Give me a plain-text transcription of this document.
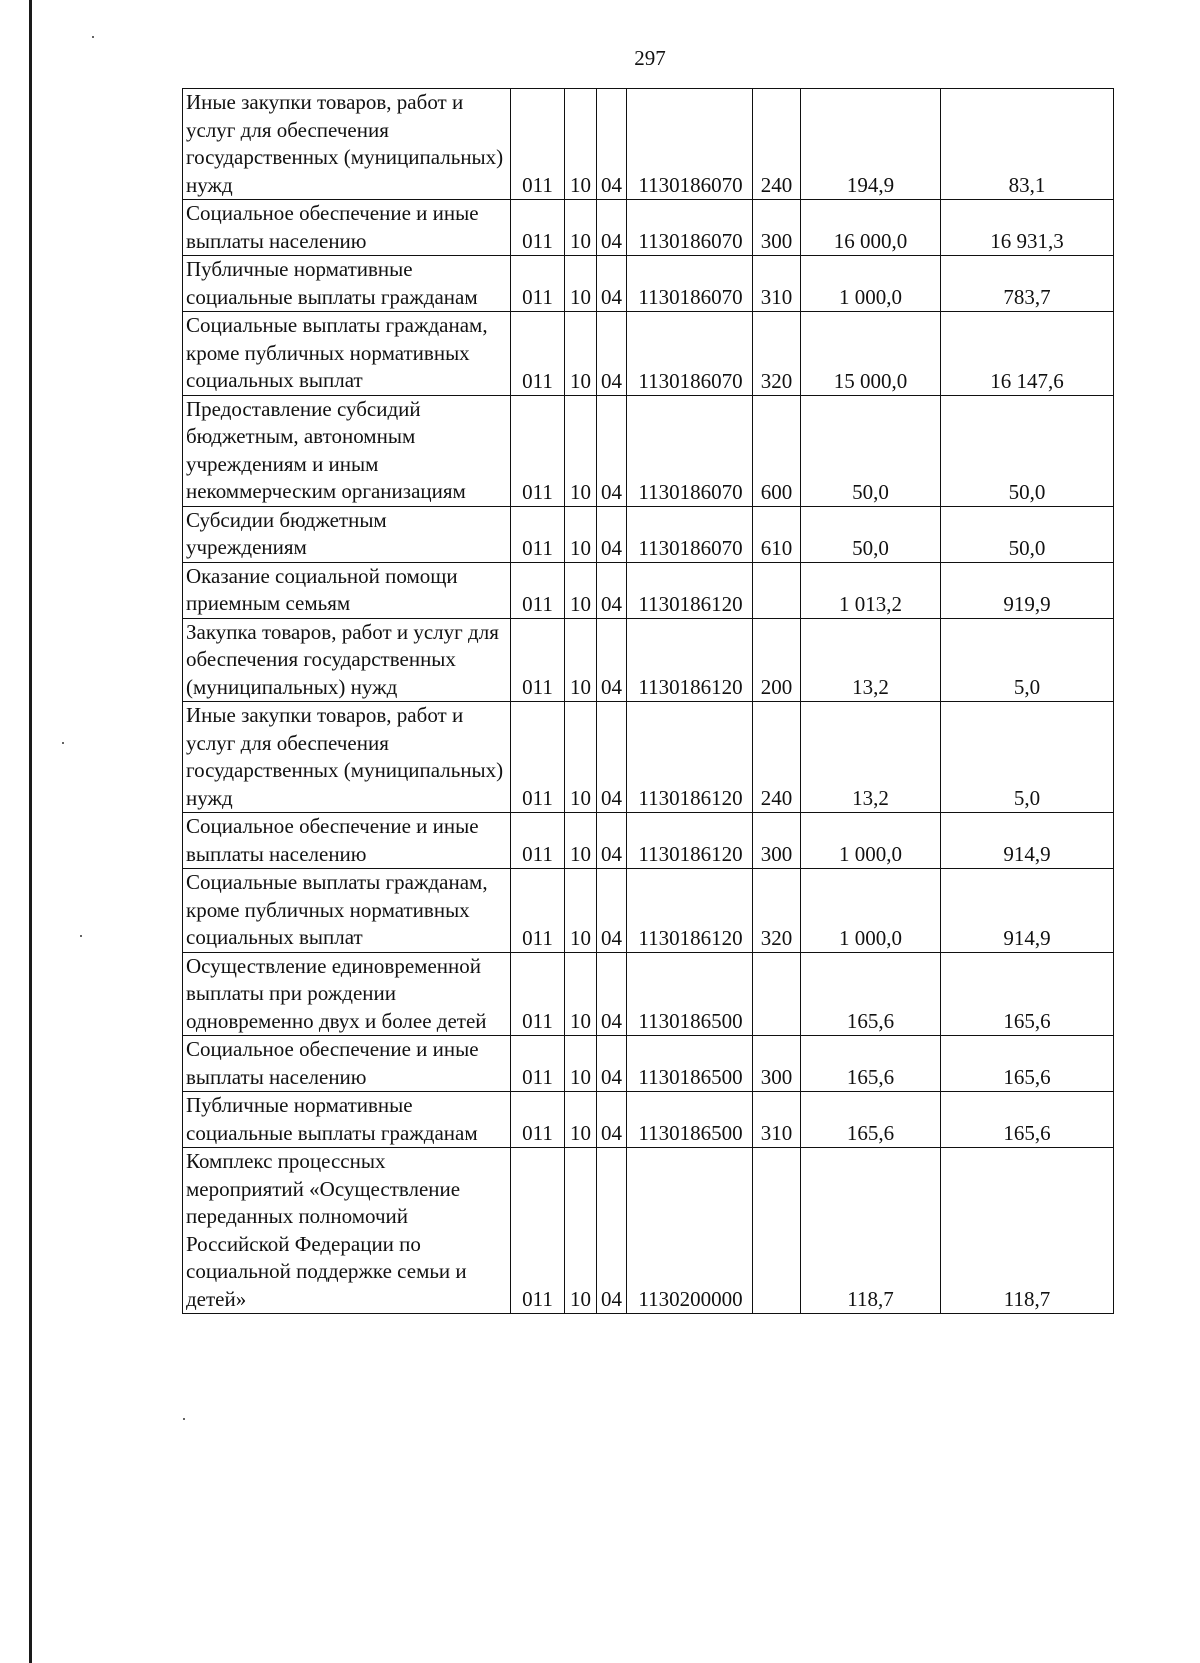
297
Иные закупки товаров, работ и услуг для обеспечения государственных (муниципальных) нужд	011	10	04	1130186070	240	194,9	83,1
Социальное обеспечение и иные выплаты населению	011	10	04	1130186070	300	16 000,0	16 931,3
Публичные нормативные социальные выплаты гражданам	011	10	04	1130186070	310	1 000,0	783,7
Социальные выплаты гражданам, кроме публичных нормативных социальных выплат	011	10	04	1130186070	320	15 000,0	16 147,6
Предоставление субсидий бюджетным, автономным учреждениям и иным некоммерческим организациям	011	10	04	1130186070	600	50,0	50,0
Субсидии бюджетным учреждениям	011	10	04	1130186070	610	50,0	50,0
Оказание социальной помощи приемным семьям	011	10	04	1130186120		1 013,2	919,9
Закупка товаров, работ и услуг для обеспечения государственных (муниципальных) нужд	011	10	04	1130186120	200	13,2	5,0
Иные закупки товаров, работ и услуг для обеспечения государственных (муниципальных) нужд	011	10	04	1130186120	240	13,2	5,0
Социальное обеспечение и иные выплаты населению	011	10	04	1130186120	300	1 000,0	914,9
Социальные выплаты гражданам, кроме публичных нормативных социальных выплат	011	10	04	1130186120	320	1 000,0	914,9
Осуществление единовременной выплаты при рождении одновременно двух и более детей	011	10	04	1130186500		165,6	165,6
Социальное обеспечение и иные выплаты населению	011	10	04	1130186500	300	165,6	165,6
Публичные нормативные социальные выплаты гражданам	011	10	04	1130186500	310	165,6	165,6
Комплекс процессных мероприятий «Осуществление переданных полномочий Российской Федерации по социальной поддержке семьи и детей»	011	10	04	1130200000		118,7	118,7
